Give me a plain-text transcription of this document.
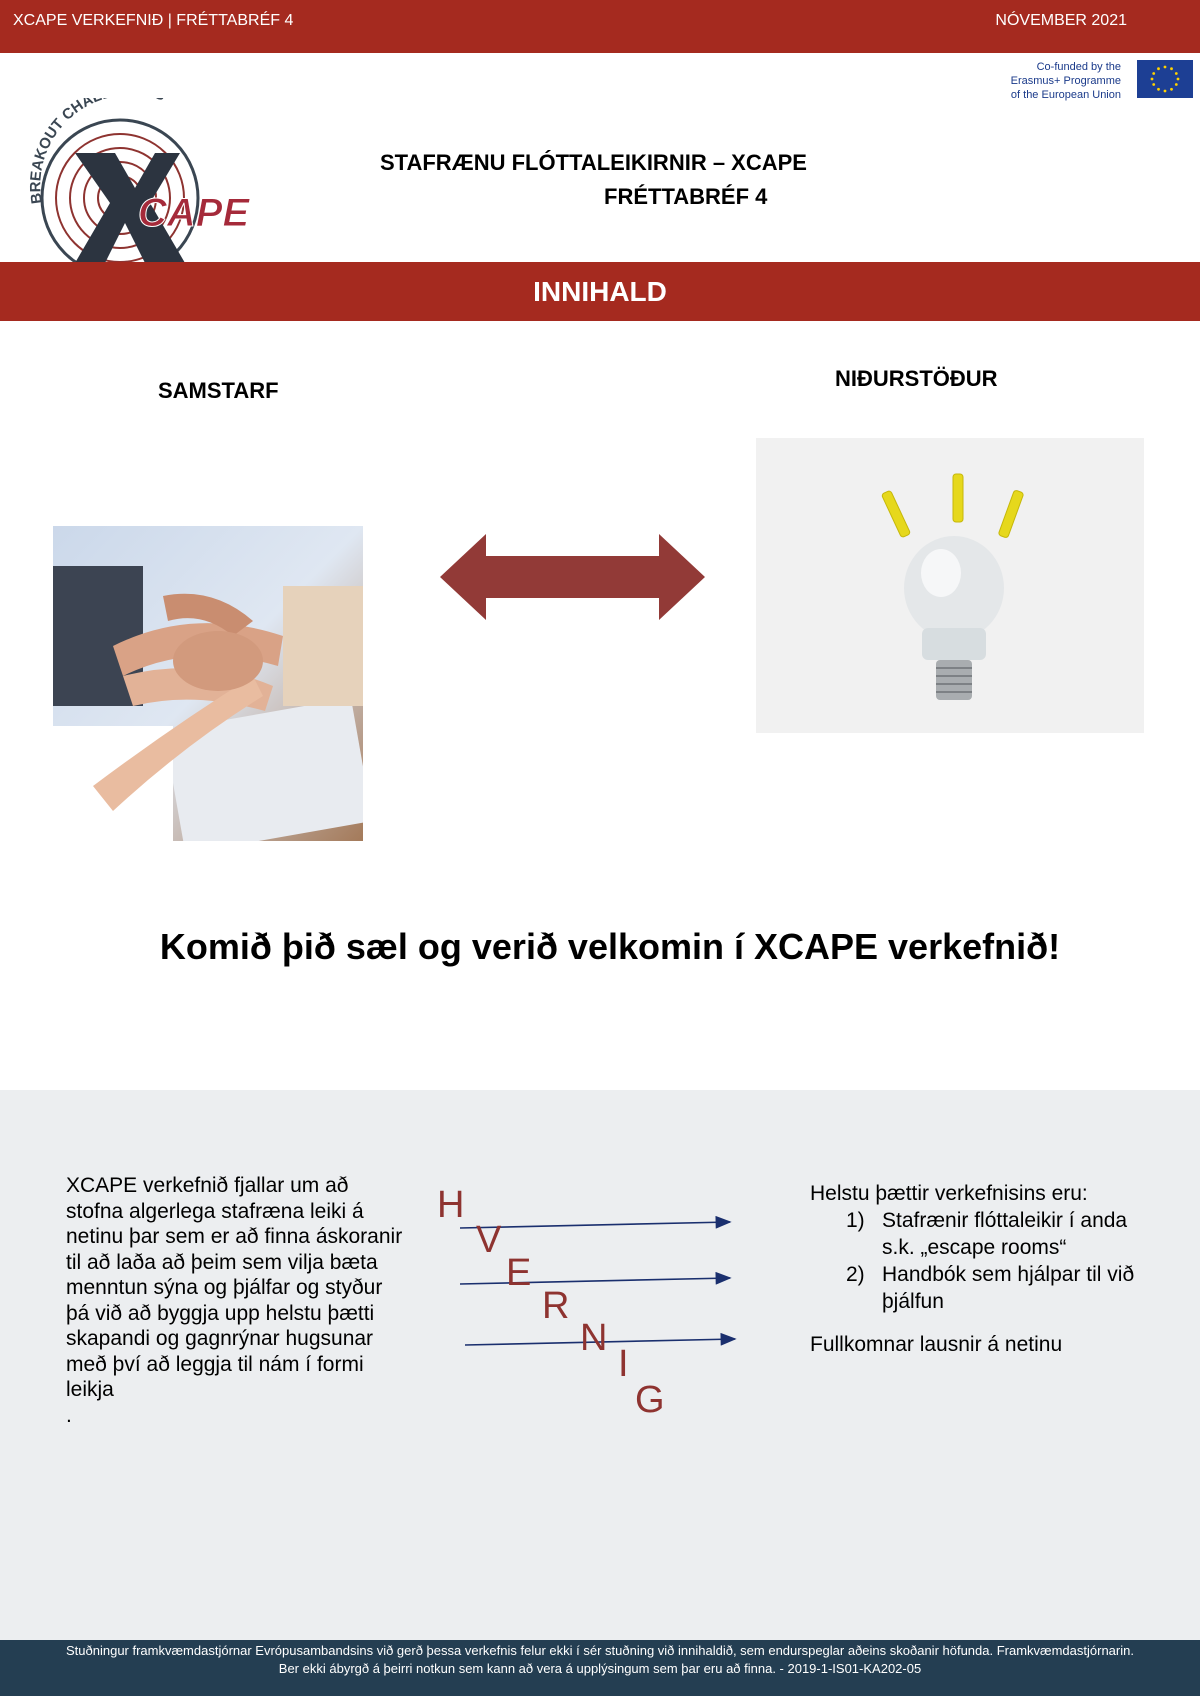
XCAPE VERKEFNIÐ | FRÉTTABRÉF 4	NÓVEMBER 2021
Co-funded by the
Erasmus+ Programme
of the European Union
BREAKOUT CHA
CAPE
STAFRÆNU FLÓTTALEIKIRNIR – XCAPE
FRÉTTABRÉF 4
INNIHALD
SAMSTARF	NIÐURSTÖÐUR
Komið þið sæl og verið velkomin í XCAPE verkefnið!
XCAPE verkefnið fjallar um að stofna algerlega stafræna leiki á netinu þar sem er að finna áskoranir til að laða að þeim sem vilja bæta menntun sýna og þjálfar og styður þá við að byggja upp helstu þætti skapandi og gagnrýnar hugsunar með því að leggja til nám í formi leikja
.
H
V
E
R
N
I
G
Helstu þættir verkefnisins eru:
1) Stafrænir flóttaleikir í anda s.k. „escape rooms“
2) Handbók sem hjálpar til við þjálfun
Fullkomnar lausnir á netinu
Stuðningur framkvæmdastjórnar Evrópusambandsins við gerð þessa verkefnis felur ekki í sér stuðning við innihaldið, sem endurspeglar aðeins skoðanir höfunda. Framkvæmdastjórnarin.
Ber ekki ábyrgð á þeirri notkun sem kann að vera á upplýsingum sem þar eru að finna. - 2019-1-IS01-KA202-05
